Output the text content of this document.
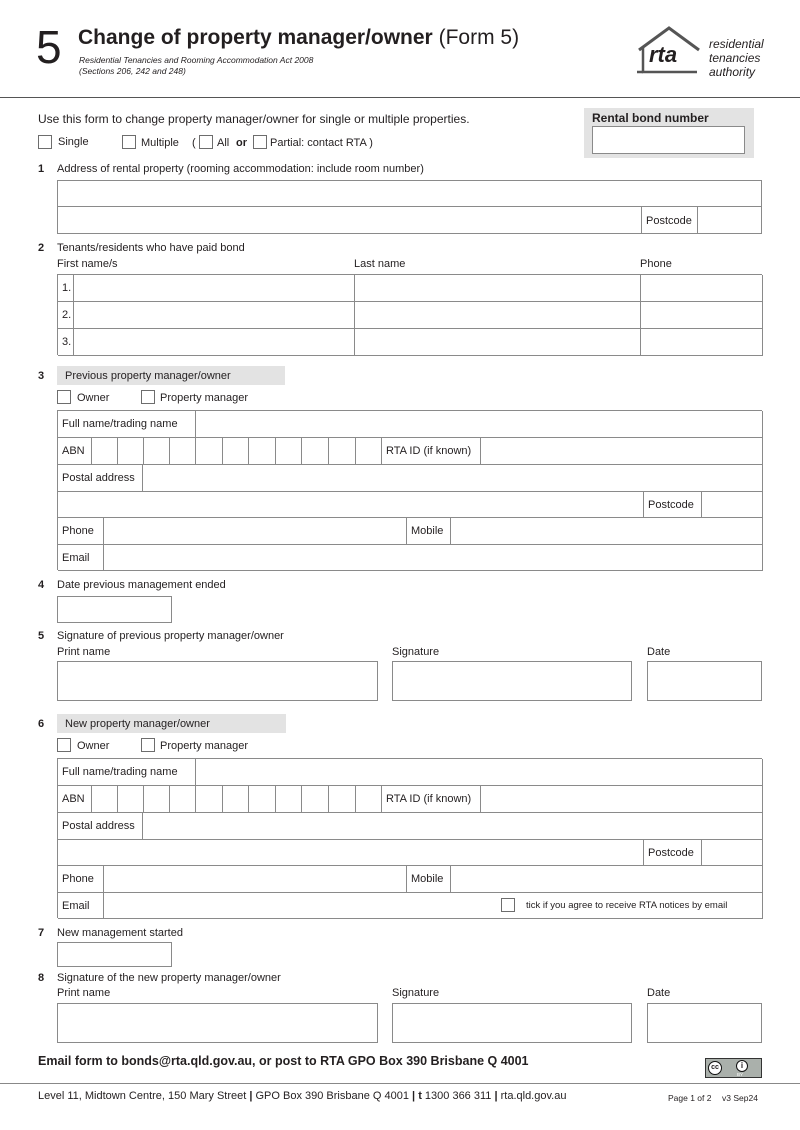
5 Change of property manager/owner (Form 5)
Residential Tenancies and Rooming Accommodation Act 2008
(Sections 206, 242 and 248)
rta	residential
tenancies
authority
Use this form to change property manager/owner for single or multiple properties.
Single	Multiple ( All or Partial: contact RTA )
Rental bond number
1 Address of rental property (rooming accommodation: include room number)
Postcode
2 Tenants/residents who have paid bond
First name/s	Last name	Phone
1.
2.
3.
3 Previous property manager/owner
Owner	Property manager
Full name/trading name
ABN	RTA ID (if known)
Postal address
Postcode
Phone	Mobile
Email
4 Date previous management ended
5 Signature of previous property manager/owner
Print name	Signature	Date
6 New property manager/owner
Owner	Property manager
Full name/trading name
ABN	RTA ID (if known)
Postal address
Postcode
Phone	Mobile
Email	tick if you agree to receive RTA notices by email
7 New management started
8 Signature of the new property manager/owner
Print name	Signature	Date
Email form to bonds@rta.qld.gov.au, or post to RTA GPO Box 390 Brisbane Q 4001	cc	i
BY
Level 11, Midtown Centre, 150 Mary Street | GPO Box 390 Brisbane Q 4001 | t 1300 366 311 | rta.qld.gov.au	Page 1 of 2 v3 Sep24
